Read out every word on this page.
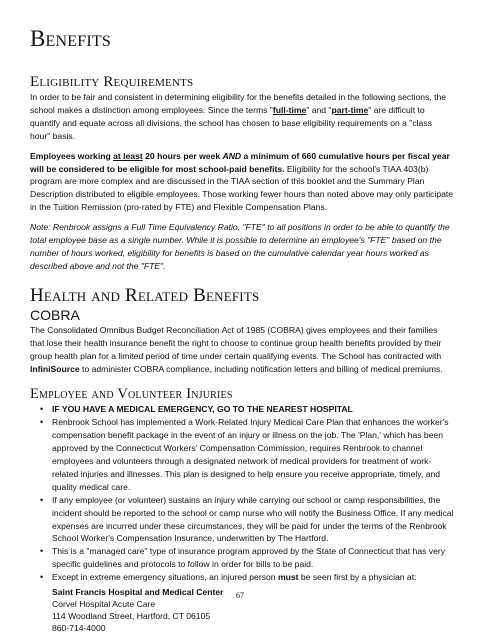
Benefits
Eligibility Requirements

In order to be fair and consistent in determining eligibility for the benefits detailed in the following sections, the school makes a distinction among employees. Since the terms "full-time" and "part-time" are difficult to quantify and equate across all divisions, the school has chosen to base eligibility requirements on a "class hour" basis.

Employees working at least 20 hours per week AND a minimum of 660 cumulative hours per fiscal year will be considered to be eligible for most school-paid benefits. Eligibility for the school's TIAA 403(b) program are more complex and are discussed in the TIAA section of this booklet and the Summary Plan Description distributed to eligible employees. Those working fewer hours than noted above may only participate in the Tuition Remission (pro-rated by FTE) and Flexible Compensation Plans.

Note: Renbrook assigns a Full Time Equivalency Ratio, "FTE" to all positions in order to be able to quantify the total employee base as a single number. While it is possible to determine an employee's "FTE" based on the number of hours worked, eligibility for benefits is based on the cumulative calendar year hours worked as described above and not the "FTE".

Health and Related Benefits
COBRA

The Consolidated Omnibus Budget Reconciliation Act of 1985 (COBRA) gives employees and their families that lose their health insurance benefit the right to choose to continue group health benefits provided by their group health plan for a limited period of time under certain qualifying events. The School has contracted with InfiniSource to administer COBRA compliance, including notification letters and billing of medical premiums.

Employee and Volunteer Injuries
• IF YOU HAVE A MEDICAL EMERGENCY, GO TO THE NEAREST HOSPITAL
• Renbrook School has implemented a Work-Related Injury Medical Care Plan that enhances the worker's compensation benefit package in the event of an injury or illness on the job. The 'Plan,' which has been approved by the Connecticut Workers' Compensation Commission, requires Renbrook to channel employees and volunteers through a designated network of medical providers for treatment of work-related injuries and illnesses. This plan is designed to help ensure you receive appropriate, timely, and quality medical care.
• If any employee (or volunteer) sustains an injury while carrying out school or camp responsibilities, the incident should be reported to the school or camp nurse who will notify the Business Office. If any medical expenses are incurred under these circumstances, they will be paid for under the terms of the Renbrook School Worker's Compensation Insurance, underwritten by The Hartford.
• This is a "managed care" type of insurance program approved by the State of Connecticut that has very specific guidelines and protocols to follow in order for bills to be paid.
• Except in extreme emergency situations, an injured person must be seen first by a physician at:
Saint Francis Hospital and Medical Center
Corvel Hospital Acute Care
114 Woodland Street, Hartford, CT 06105
860-714-4000
67
